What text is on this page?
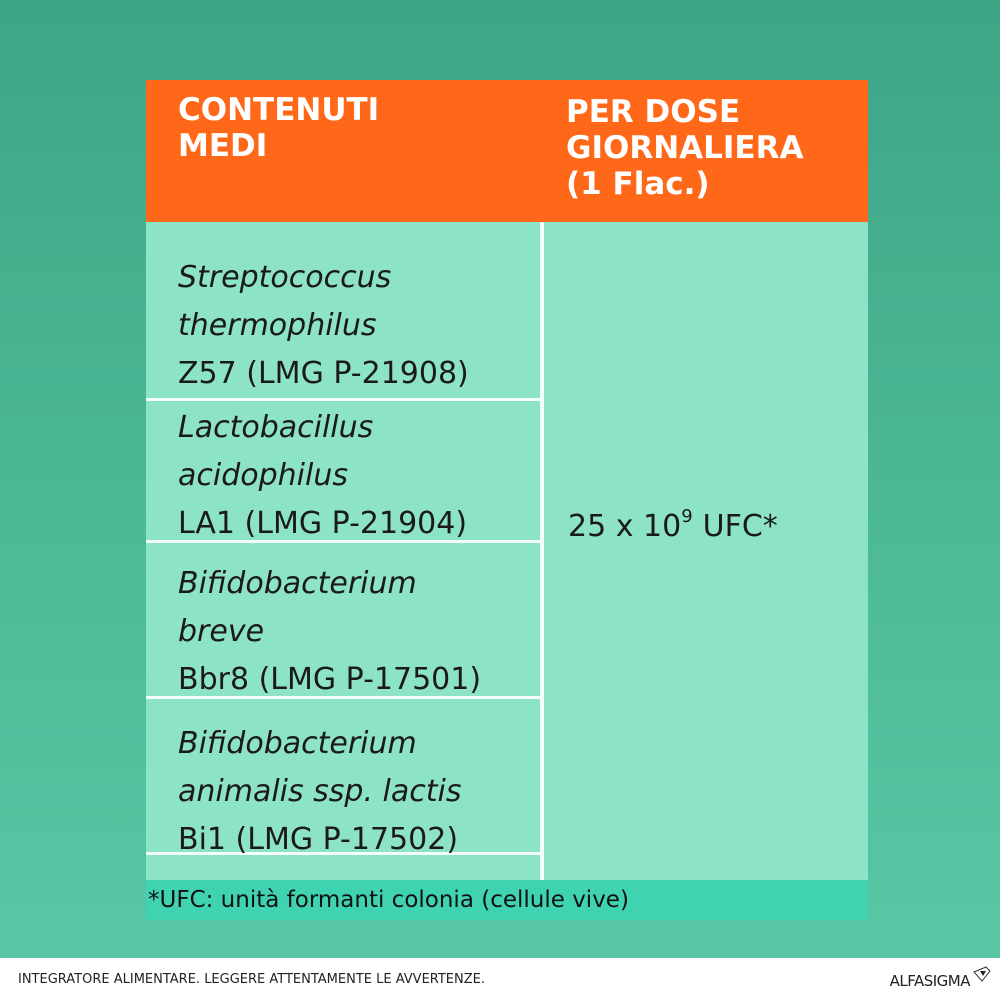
CONTENUTI
MEDI
PER DOSE
GIORNALIERA
(1 Flac.)
Streptococcus
thermophilus
Z57 (LMG P-21908)
Lactobacillus
acidophilus
LA1 (LMG P-21904)
Bifidobacterium
breve
Bbr8 (LMG P-17501)
Bifidobacterium
animalis ssp. lactis
Bi1 (LMG P-17502)
25 x $10^9$ UFC*
*UFC: unità formanti colonia (cellule vive)
INTEGRATORE ALIMENTARE. LEGGERE ATTENTAMENTE LE AVVERTENZE.	ALFASIGMA
